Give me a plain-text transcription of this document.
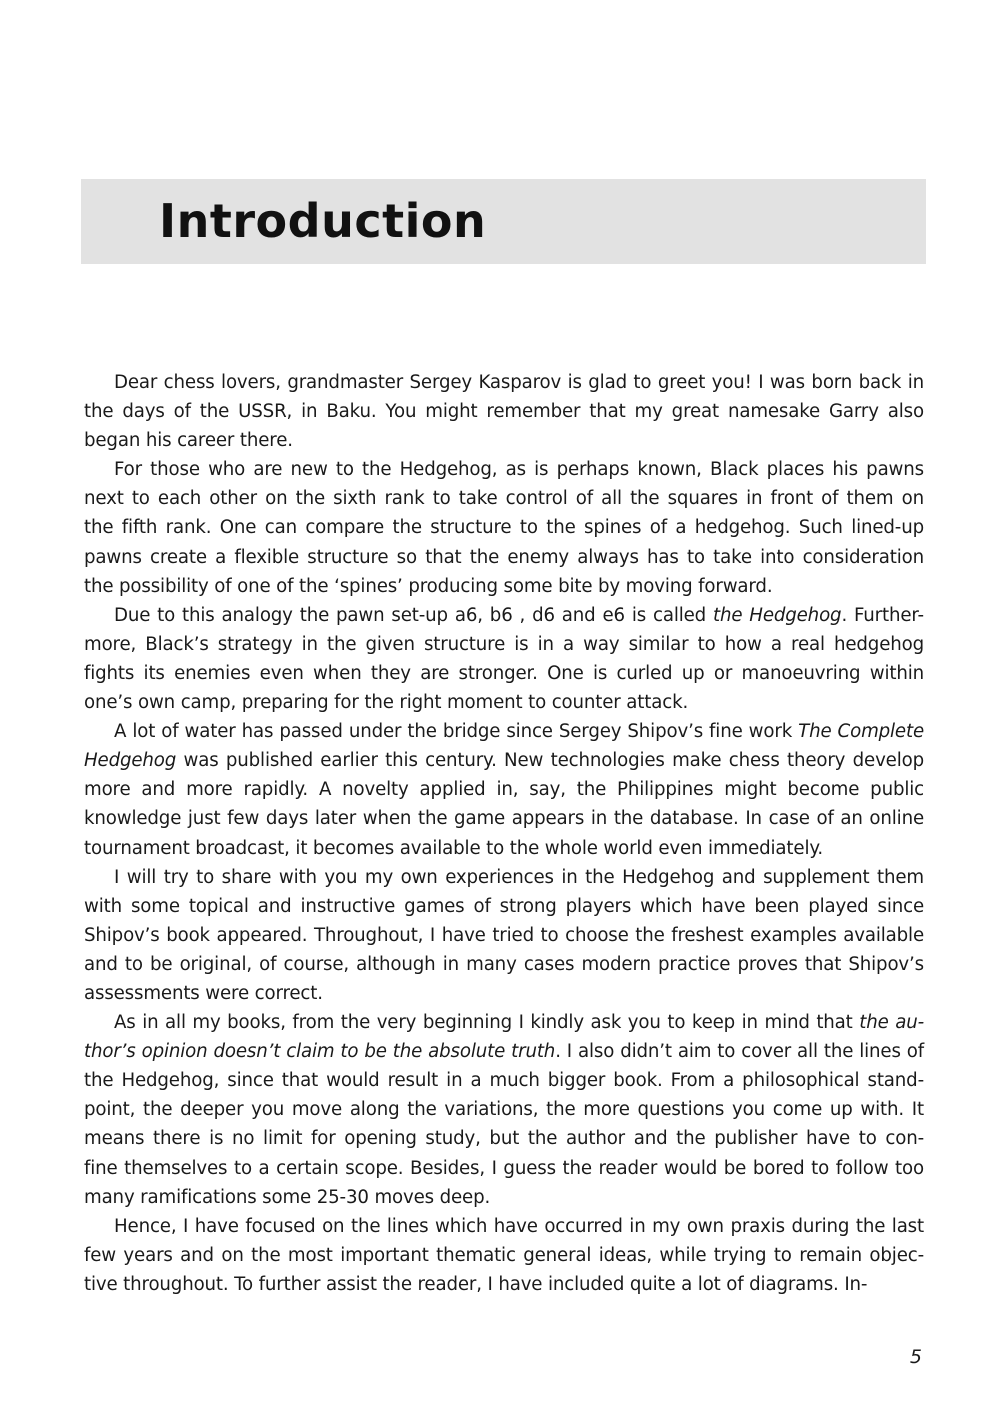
Introduction
Dear chess lovers, grandmaster Sergey Kasparov is glad to greet you! I was born back in
the days of the USSR, in Baku. You might remember that my great namesake Garry also
began his career there.
For those who are new to the Hedgehog, as is perhaps known, Black places his pawns
next to each other on the sixth rank to take control of all the squares in front of them on
the fifth rank. One can compare the structure to the spines of a hedgehog. Such lined-up
pawns create a flexible structure so that the enemy always has to take into consideration
the possibility of one of the ‘spines’ producing some bite by moving forward.
Due to this analogy the pawn set-up a6, b6 , d6 and e6 is called the Hedgehog. Further-
more, Black’s strategy in the given structure is in a way similar to how a real hedgehog
fights its enemies even when they are stronger. One is curled up or manoeuvring within
one’s own camp, preparing for the right moment to counter attack.
A lot of water has passed under the bridge since Sergey Shipov’s fine work The Complete
Hedgehog was published earlier this century. New technologies make chess theory develop
more and more rapidly. A novelty applied in, say, the Philippines might become public
knowledge just few days later when the game appears in the database. In case of an online
tournament broadcast, it becomes available to the whole world even immediately.
I will try to share with you my own experiences in the Hedgehog and supplement them
with some topical and instructive games of strong players which have been played since
Shipov’s book appeared. Throughout, I have tried to choose the freshest examples available
and to be original, of course, although in many cases modern practice proves that Shipov’s
assessments were correct.
As in all my books, from the very beginning I kindly ask you to keep in mind that the au-
thor’s opinion doesn’t claim to be the absolute truth. I also didn’t aim to cover all the lines of
the Hedgehog, since that would result in a much bigger book. From a philosophical stand-
point, the deeper you move along the variations, the more questions you come up with. It
means there is no limit for opening study, but the author and the publisher have to con-
fine themselves to a certain scope. Besides, I guess the reader would be bored to follow too
many ramifications some 25-30 moves deep.
Hence, I have focused on the lines which have occurred in my own praxis during the last
few years and on the most important thematic general ideas, while trying to remain objec-
tive throughout. To further assist the reader, I have included quite a lot of diagrams. In-
5
